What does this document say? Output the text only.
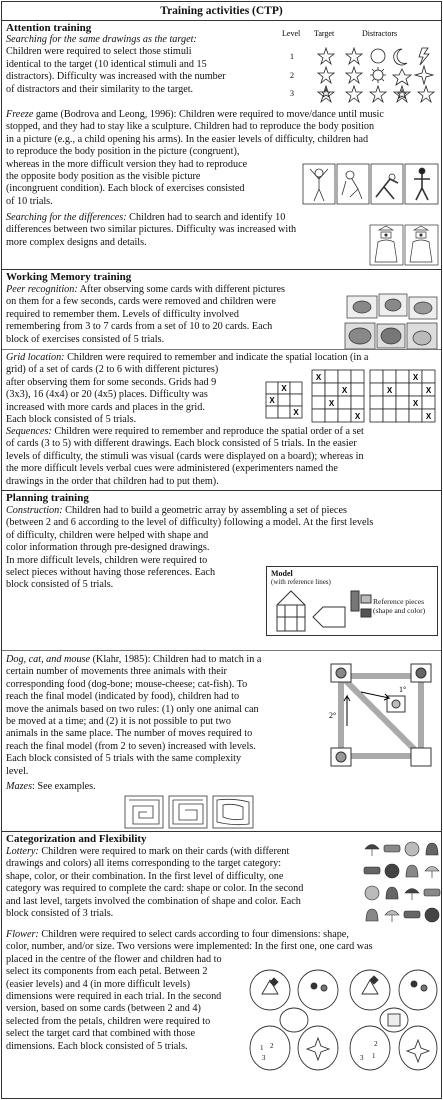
Training activities (CTP)
Attention training
Searching for the same drawings as the target:
Children were required to select those stimuli
identical to the target (10 identical stimuli and 15
distractors). Difficulty was increased with the number
of distractors and their similarity to the target.
Level Target	Distractors
1
2
3
Freeze game (Bodrova and Leong, 1996): Children were required to move/dance until music
stopped, and they had to stay like a sculpture. Children had to reproduce the body position
in a picture (e.g., a child opening his arms). In the easier levels of difficulty, children had
to reproduce the body position in the picture (congruent),
whereas in the more difficult version they had to reproduce
the opposite body position as the visible picture
(incongruent condition). Each block of exercises consisted
of 10 trials.
Searching for the differences: Children had to search and identify 10
differences between two similar pictures. Difficulty was increased with
more complex designs and details.
Working Memory training
Peer recognition: After observing some cards with different pictures
on them for a few seconds, cards were removed and children were
required to remember them. Levels of difficulty involved
remembering from 3 to 7 cards from a set of 10 to 20 cards. Each
block of exercises consisted of 5 trials.
Grid location: Children were required to remember and indicate the spatial location (in a
grid) of a set of cards (2 to 6 with different pictures)
after observing them for some seconds. Grids had 9
(3x3), 16 (4x4) or 20 (4x5) places. Difficulty was
increased with more cards and places in the grid.
Each block consisted of 5 trials.
X
X
X
X
X
X
X
X
X	X
X
X
Sequences: Children were required to remember and reproduce the spatial order of a set
of cards (3 to 5) with different drawings. Each block consisted of 5 trials. In the easier
levels of difficulty, the stimuli was visual (cards were displayed on a board); whereas in
the more difficult levels verbal cues were administered (experimenters named the
drawings in the order that children had to put them).
Planning training
Construction: Children had to build a geometric array by assembling a set of pieces
(between 2 and 6 according to the level of difficulty) following a model. At the first levels
of difficulty, children were helped with shape and
color information through pre-designed drawings.
In more difficult levels, children were required to
select pieces without having those references. Each
block consisted of 5 trials.
Model
(with reference lines)
Reference pieces
(shape and color)
Dog, cat, and mouse (Klahr, 1985): Children had to match in a
certain number of movements three animals with their
corresponding food (dog-bone; mouse-cheese; cat-fish). To
reach the final model (indicated by food), children had to
move the animals based on two rules: (1) only one animal can
be moved at a time; and (2) it is not possible to put two
animals in the same place. The number of moves required to
reach the final model (from 2 to seven) increased with levels.
Each block consisted of 5 trials with the same complexity
level.
1°
2°
Mazes: See examples.
Categorization and Flexibility
Lottery: Children were required to mark on their cards (with different
drawings and colors) all items corresponding to the target category:
shape, color, or their combination. In the first level of difficulty, one
category was required to complete the card: shape or color. In the second
and last level, targets involved the combination of shape and color. Each
block consisted of 3 trials.
Flower: Children were required to select cards according to four dimensions: shape,
color, number, and/or size. Two versions were implemented: In the first one, one card was
placed in the centre of the flower and children had to
select its components from each petal. Between 2
(easier levels) and 4 (in more difficult levels)
dimensions were required in each trial. In the second
version, based on some cards (between 2 and 4)
selected from the petals, children were required to
select the target card that combined with those
dimensions. Each block consisted of 5 trials.	1 2
3
2
3 1
